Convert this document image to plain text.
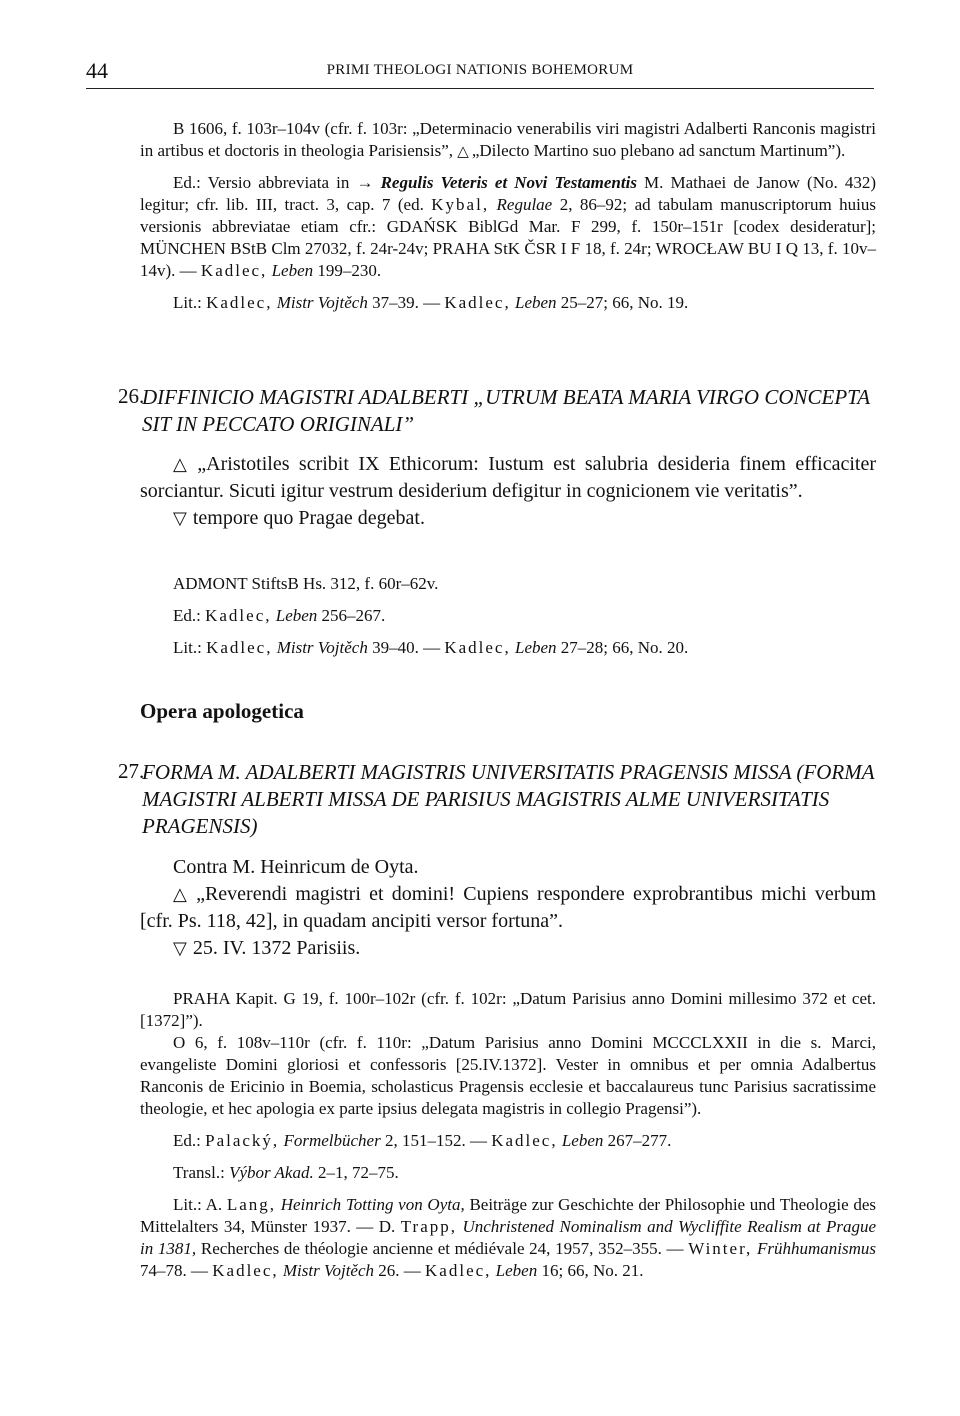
44	PRIMI THEOLOGI NATIONIS BOHEMORUM

B 1606, f. 103r–104v (cfr. f. 103r: „Determinacio venerabilis viri magistri Adalberti Ranconis magistri in artibus et doctoris in theologia Parisiensis”, △ „Dilecto Martino suo plebano ad sanctum Martinum”).

Ed.: Versio abbreviata in → Regulis Veteris et Novi Testamentis M. Mathaei de Janow (No. 432) legitur; cfr. lib. III, tract. 3, cap. 7 (ed. Kybal, Regulae 2, 86–92; ad tabulam manuscriptorum huius versionis abbreviatae etiam cfr.: GDAŃSK BiblGd Mar. F 299, f. 150r–151r [codex desideratur]; MÜNCHEN BStB Clm 27032, f. 24r-24v; PRAHA StK ČSR I F 18, f. 24r; WROCŁAW BU I Q 13, f. 10v–14v). — Kadlec, Leben 199–230.

Lit.: Kadlec, Mistr Vojtěch 37–39. — Kadlec, Leben 25–27; 66, No. 19.

26.
DIFFINICIO MAGISTRI ADALBERTI „UTRUM BEATA MARIA VIRGO CONCEPTA SIT IN PECCATO ORIGINALI”

△ „Aristotiles scribit IX Ethicorum: Iustum est salubria desideria finem efficaciter sorciantur. Sicuti igitur vestrum desiderium defigitur in cognicionem vie veritatis”.

▽ tempore quo Pragae degebat.

ADMONT StiftsB Hs. 312, f. 60r–62v.

Ed.: Kadlec, Leben 256–267.

Lit.: Kadlec, Mistr Vojtěch 39–40. — Kadlec, Leben 27–28; 66, No. 20.

Opera apologetica
27.
FORMA M. ADALBERTI MAGISTRIS UNIVERSITATIS PRAGENSIS MISSA (FORMA MAGISTRI ALBERTI MISSA DE PARISIUS MAGISTRIS ALME UNIVERSITATIS PRAGENSIS)

Contra M. Heinricum de Oyta.

△ „Reverendi magistri et domini! Cupiens respondere exprobrantibus michi verbum [cfr. Ps. 118, 42], in quadam ancipiti versor fortuna”.

▽ 25. IV. 1372 Parisiis.

PRAHA Kapit. G 19, f. 100r–102r (cfr. f. 102r: „Datum Parisius anno Domini millesimo 372 et cet. [1372]”).

O 6, f. 108v–110r (cfr. f. 110r: „Datum Parisius anno Domini MCCCLXXII in die s. Marci, evangeliste Domini gloriosi et confessoris [25.IV.1372]. Vester in omnibus et per omnia Adalbertus Ranconis de Ericinio in Boemia, scholasticus Pragensis ecclesie et baccalaureus tunc Parisius sacratissime theologie, et hec apologia ex parte ipsius delegata magistris in collegio Pragensi”).

Ed.: Palacký, Formelbücher 2, 151–152. — Kadlec, Leben 267–277.

Transl.: Výbor Akad. 2–1, 72–75.

Lit.: A. Lang, Heinrich Totting von Oyta, Beiträge zur Geschichte der Philosophie und Theologie des Mittelalters 34, Münster 1937. — D. Trapp, Unchristened Nominalism and Wycliffite Realism at Prague in 1381, Recherches de théologie ancienne et médiévale 24, 1957, 352–355. — Winter, Frühhumanismus 74–78. — Kadlec, Mistr Vojtěch 26. — Kadlec, Leben 16; 66, No. 21.
